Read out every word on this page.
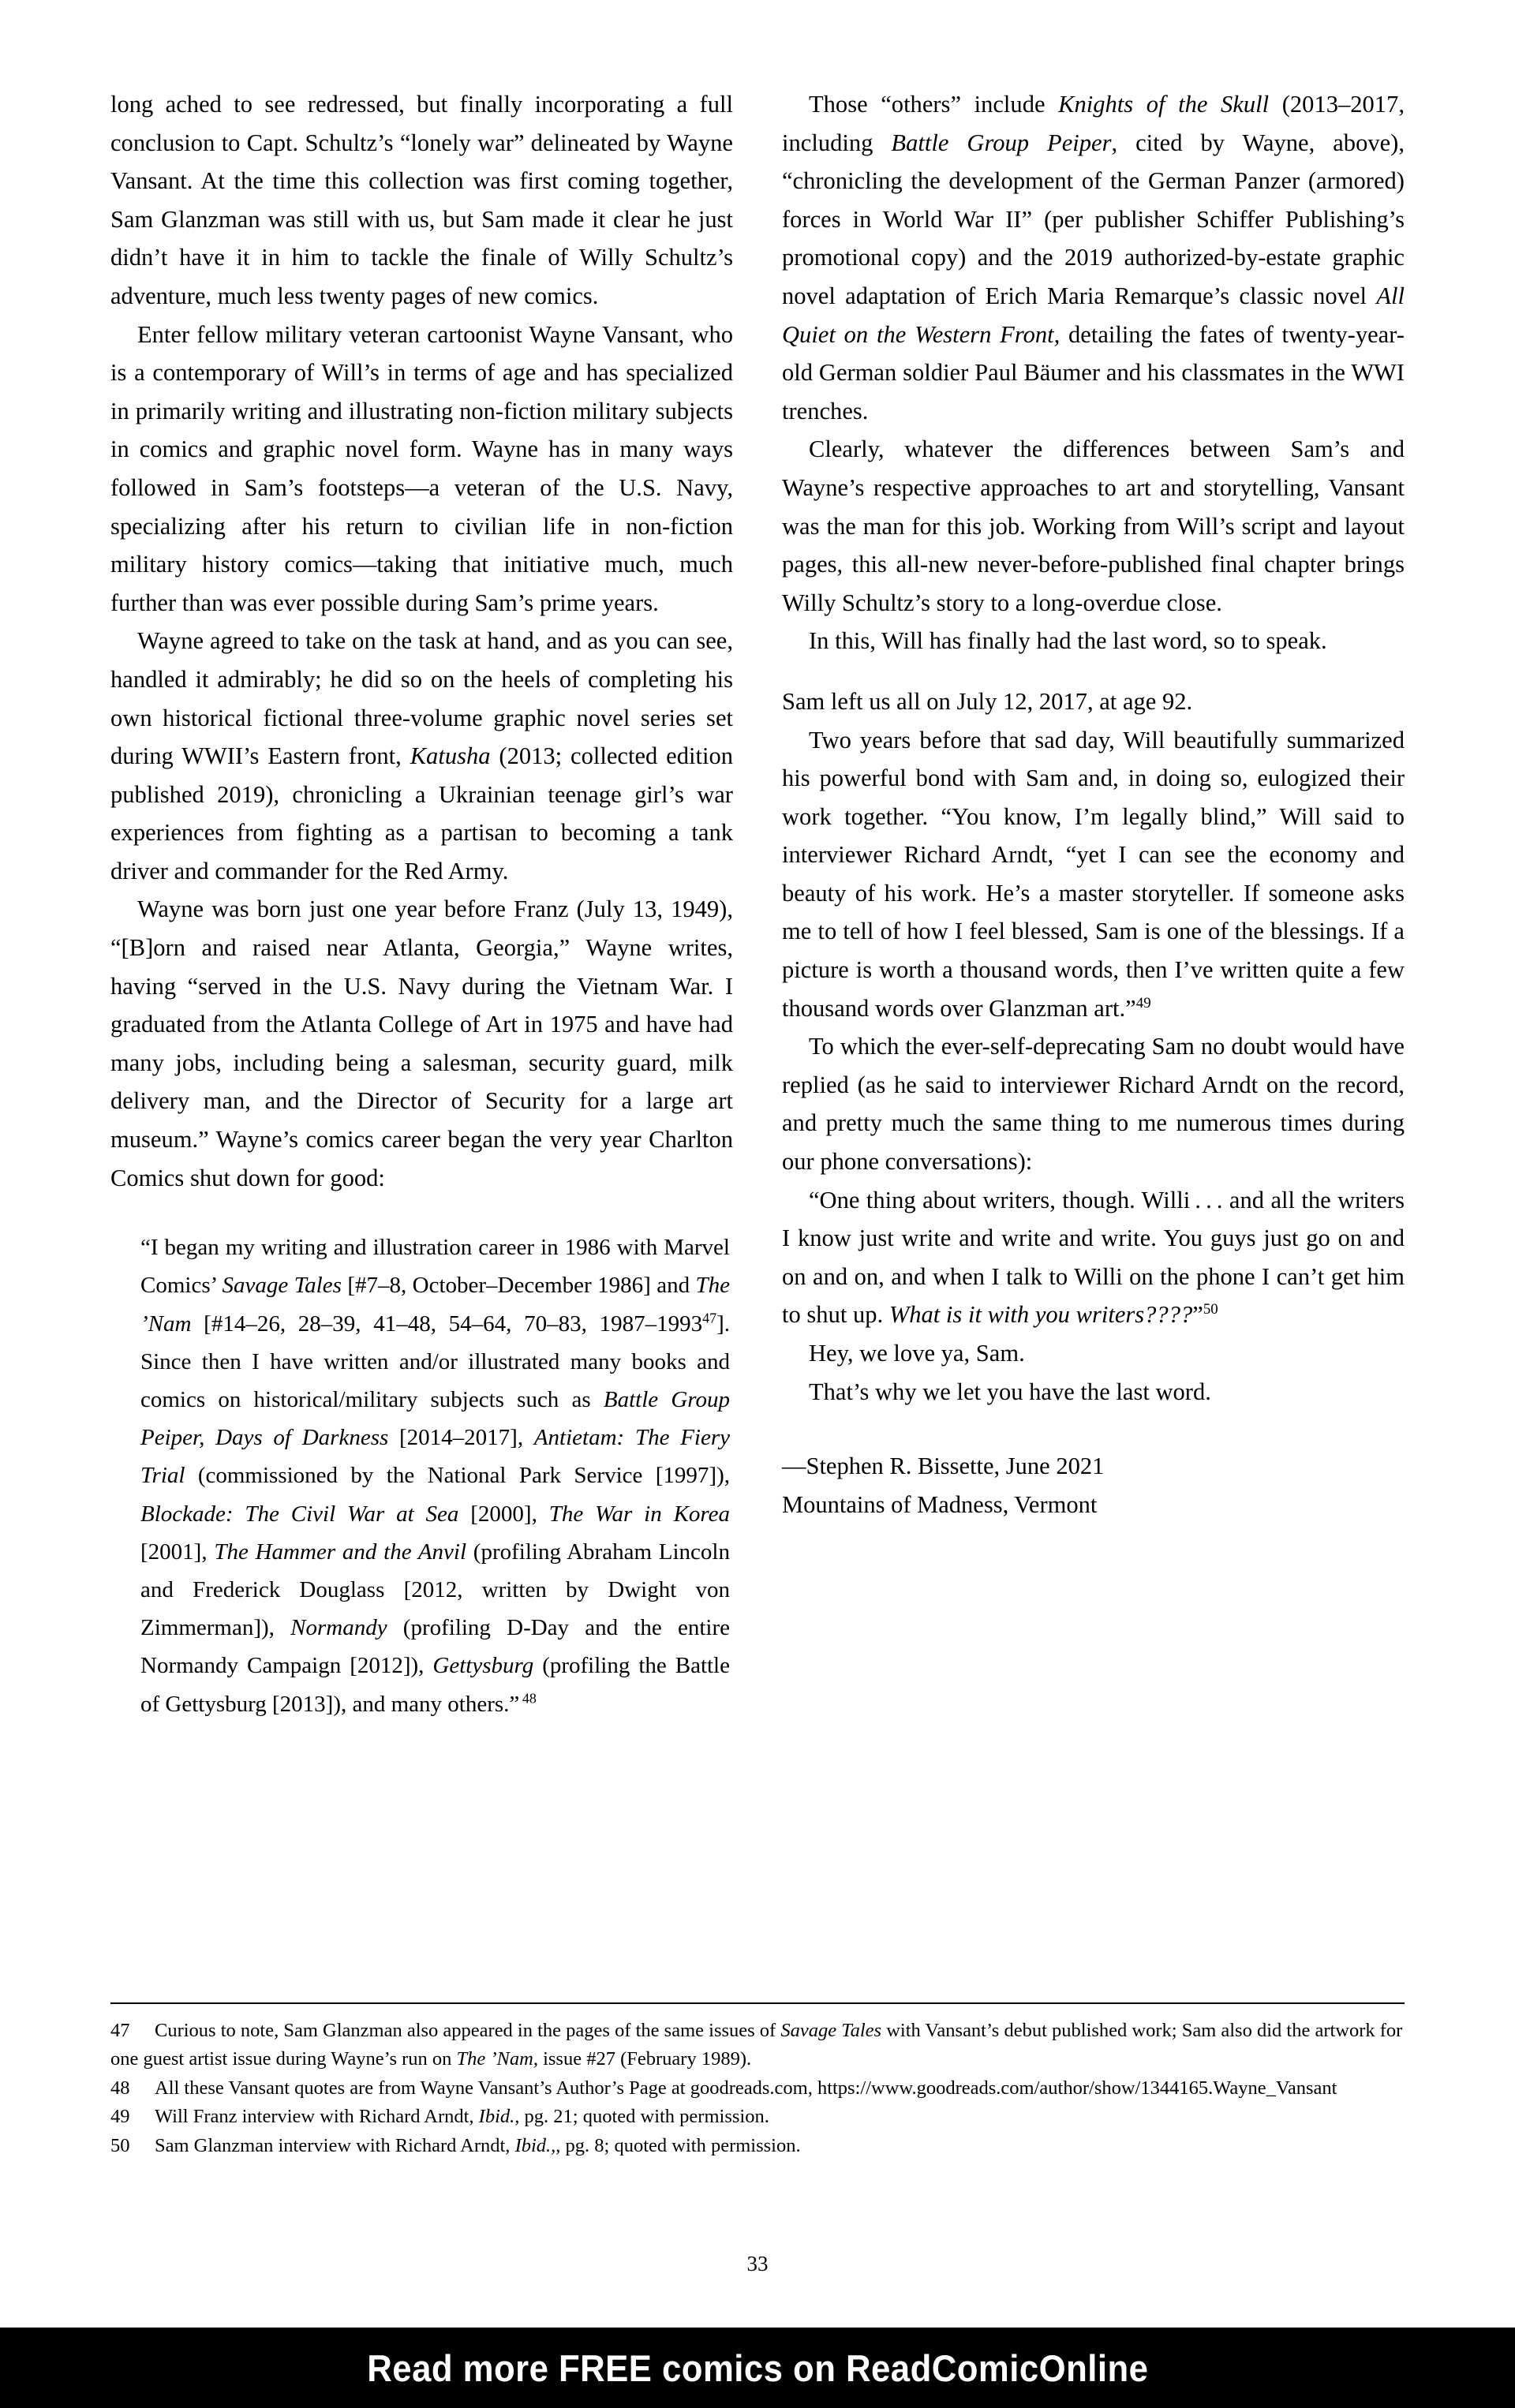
long ached to see redressed, but finally incorporating a full conclusion to Capt. Schultz’s “lonely war” delineated by Wayne Vansant. At the time this collection was first coming together, Sam Glanzman was still with us, but Sam made it clear he just didn’t have it in him to tackle the finale of Willy Schultz’s adventure, much less twenty pages of new comics.

Enter fellow military veteran cartoonist Wayne Vansant, who is a contemporary of Will’s in terms of age and has specialized in primarily writing and illustrating non-fiction military subjects in comics and graphic novel form. Wayne has in many ways followed in Sam’s footsteps—a veteran of the U.S. Navy, specializing after his return to civilian life in non-fiction military history comics—taking that initiative much, much further than was ever possible during Sam’s prime years.

Wayne agreed to take on the task at hand, and as you can see, handled it admirably; he did so on the heels of completing his own historical fictional three-volume graphic novel series set during WWII’s Eastern front, Katusha (2013; collected edition published 2019), chronicling a Ukrainian teenage girl’s war experiences from fighting as a partisan to becoming a tank driver and commander for the Red Army.

Wayne was born just one year before Franz (July 13, 1949), “[B]orn and raised near Atlanta, Georgia,” Wayne writes, having “served in the U.S. Navy during the Vietnam War. I graduated from the Atlanta College of Art in 1975 and have had many jobs, including being a salesman, security guard, milk delivery man, and the Director of Security for a large art museum.” Wayne’s comics career began the very year Charlton Comics shut down for good:

“I began my writing and illustration career in 1986 with Marvel Comics’ Savage Tales [#7–8, October–December 1986] and The ’Nam [#14–26, 28–39, 41–48, 54–64, 70–83, 1987–1993$^{47}$]. Since then I have written and/or illustrated many books and comics on historical/military subjects such as Battle Group Peiper, Days of Darkness [2014–2017], Antietam: The Fiery Trial (commissioned by the National Park Service [1997]), Blockade: The Civil War at Sea [2000], The War in Korea [2001], The Hammer and the Anvil (profiling Abraham Lincoln and Frederick Douglass [2012, written by Dwight von Zimmerman]), Normandy (profiling D-Day and the entire Normandy Campaign [2012]), Gettysburg (profiling the Battle of Gettysburg [2013]), and many others.” $^{48}$

Those “others” include Knights of the Skull (2013–2017, including Battle Group Peiper, cited by Wayne, above), “chronicling the development of the German Panzer (armored) forces in World War II” (per publisher Schiffer Publishing’s promotional copy) and the 2019 authorized-by-estate graphic novel adaptation of Erich Maria Remarque’s classic novel All Quiet on the Western Front, detailing the fates of twenty-year-old German soldier Paul Bäumer and his classmates in the WWI trenches.

Clearly, whatever the differences between Sam’s and Wayne’s respective approaches to art and storytelling, Vansant was the man for this job. Working from Will’s script and layout pages, this all-new never-before-published final chapter brings Willy Schultz’s story to a long-overdue close.

In this, Will has finally had the last word, so to speak.

Sam left us all on July 12, 2017, at age 92.

Two years before that sad day, Will beautifully summarized his powerful bond with Sam and, in doing so, eulogized their work together. “You know, I’m legally blind,” Will said to interviewer Richard Arndt, “yet I can see the economy and beauty of his work. He’s a master storyteller. If someone asks me to tell of how I feel blessed, Sam is one of the blessings. If a picture is worth a thousand words, then I’ve written quite a few thousand words over Glanzman art.”$^{49}$

To which the ever-self-deprecating Sam no doubt would have replied (as he said to interviewer Richard Arndt on the record, and pretty much the same thing to me numerous times during our phone conversations):

“One thing about writers, though. Willi . . . and all the writers I know just write and write and write. You guys just go on and on and on, and when I talk to Willi on the phone I can’t get him to shut up. What is it with you writers????”$^{50}$

Hey, we love ya, Sam.

That’s why we let you have the last word.

—Stephen R. Bissette, June 2021

Mountains of Madness, Vermont

47 Curious to note, Sam Glanzman also appeared in the pages of the same issues of Savage Tales with Vansant’s debut published work; Sam also did the artwork for one guest artist issue during Wayne’s run on The ’Nam, issue #27 (February 1989).

48 All these Vansant quotes are from Wayne Vansant’s Author’s Page at goodreads.com, https://www.goodreads.com/author/show/1344165.Wayne_Vansant

49 Will Franz interview with Richard Arndt, Ibid., pg. 21; quoted with permission.

50 Sam Glanzman interview with Richard Arndt, Ibid.,, pg. 8; quoted with permission.

33
Read more FREE comics on ReadComicOnline
